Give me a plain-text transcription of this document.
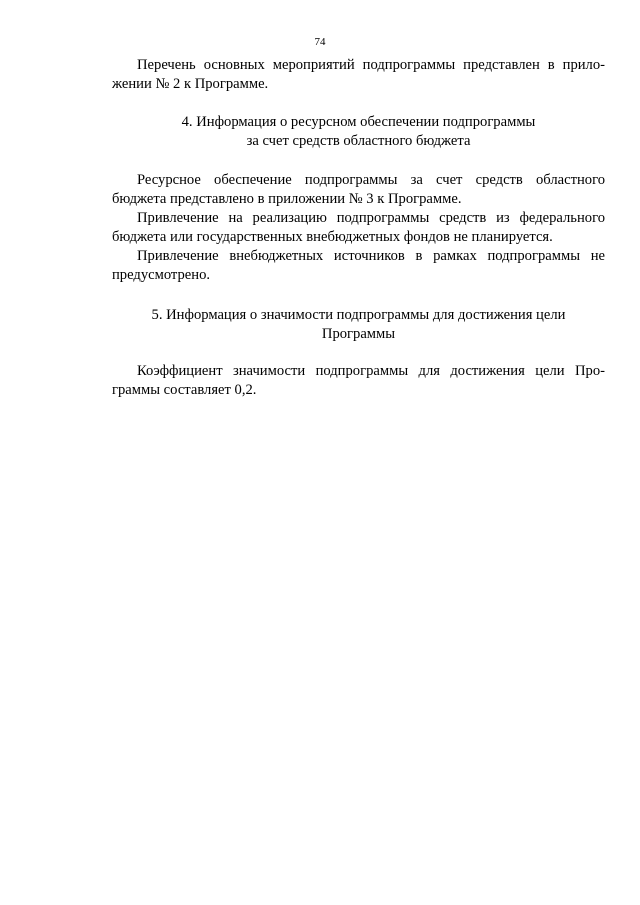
74

Перечень основных мероприятий подпрограммы представлен в прило-жении № 2 к Программе.

4. Информация о ресурсном обеспечении подпрограммы
за счет средств областного бюджета

Ресурсное обеспечение подпрограммы за счет средств областного бюджета представлено в приложении № 3 к Программе.

Привлечение на реализацию подпрограммы средств из федерального бюджета или государственных внебюджетных фондов не планируется.

Привлечение внебюджетных источников в рамках подпрограммы не предусмотрено.

5. Информация о значимости подпрограммы для достижения цели
Программы

Коэффициент значимости подпрограммы для достижения цели Про-граммы составляет 0,2.
